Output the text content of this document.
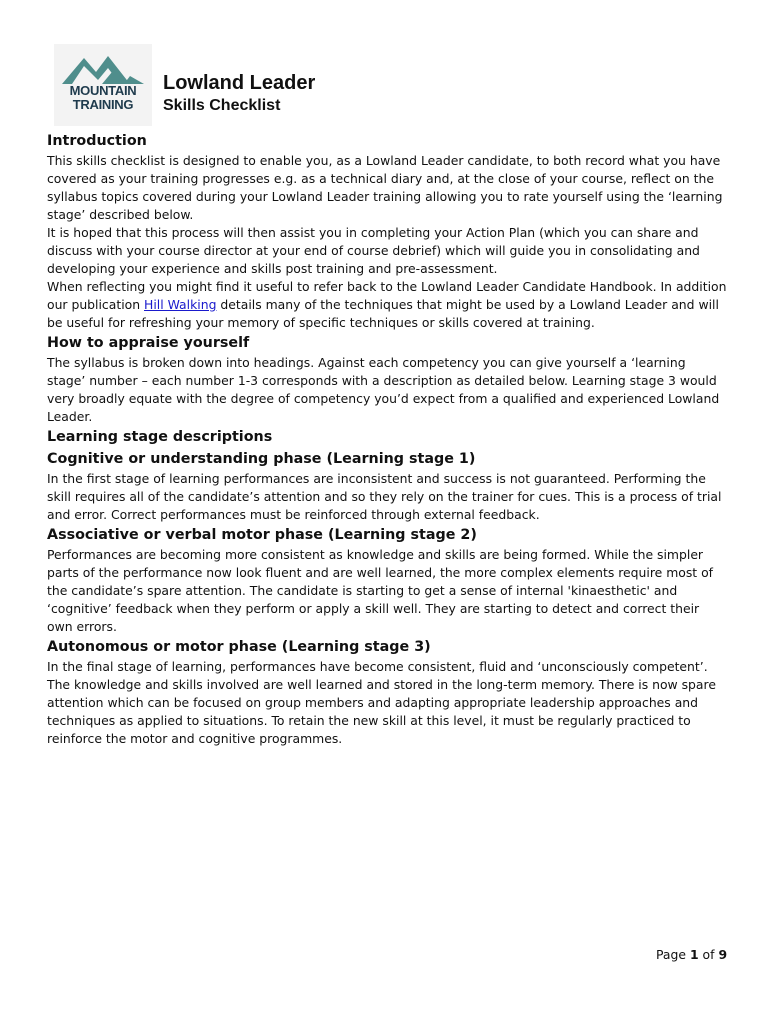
MOUNTAIN
TRAINING
Lowland Leader
Skills Checklist
Introduction

This skills checklist is designed to enable you, as a Lowland Leader candidate, to both record what you have covered as your training progresses e.g. as a technical diary and, at the close of your course, reflect on the syllabus topics covered during your Lowland Leader training allowing you to rate yourself using the ‘learning stage’ described below.

It is hoped that this process will then assist you in completing your Action Plan (which you can share and discuss with your course director at your end of course debrief) which will guide you in consolidating and developing your experience and skills post training and pre-assessment.

When reflecting you might find it useful to refer back to the Lowland Leader Candidate Handbook. In addition our publication Hill Walking details many of the techniques that might be used by a Lowland Leader and will be useful for refreshing your memory of specific techniques or skills covered at training.

How to appraise yourself

The syllabus is broken down into headings. Against each competency you can give yourself a ‘learning stage’ number – each number 1-3 corresponds with a description as detailed below. Learning stage 3 would very broadly equate with the degree of competency you’d expect from a qualified and experienced Lowland Leader.

Learning stage descriptions
Cognitive or understanding phase (Learning stage 1)

In the first stage of learning performances are inconsistent and success is not guaranteed. Performing the skill requires all of the candidate’s attention and so they rely on the trainer for cues. This is a process of trial and error. Correct performances must be reinforced through external feedback.

Associative or verbal motor phase (Learning stage 2)

Performances are becoming more consistent as knowledge and skills are being formed. While the simpler parts of the performance now look fluent and are well learned, the more complex elements require most of the candidate’s spare attention. The candidate is starting to get a sense of internal 'kinaesthetic' and ‘cognitive’ feedback when they perform or apply a skill well. They are starting to detect and correct their own errors.

Autonomous or motor phase (Learning stage 3)

In the final stage of learning, performances have become consistent, fluid and ‘unconsciously competent’. The knowledge and skills involved are well learned and stored in the long-term memory. There is now spare attention which can be focused on group members and adapting appropriate leadership approaches and techniques as applied to situations. To retain the new skill at this level, it must be regularly practiced to reinforce the motor and cognitive programmes.

Page 1 of 9
